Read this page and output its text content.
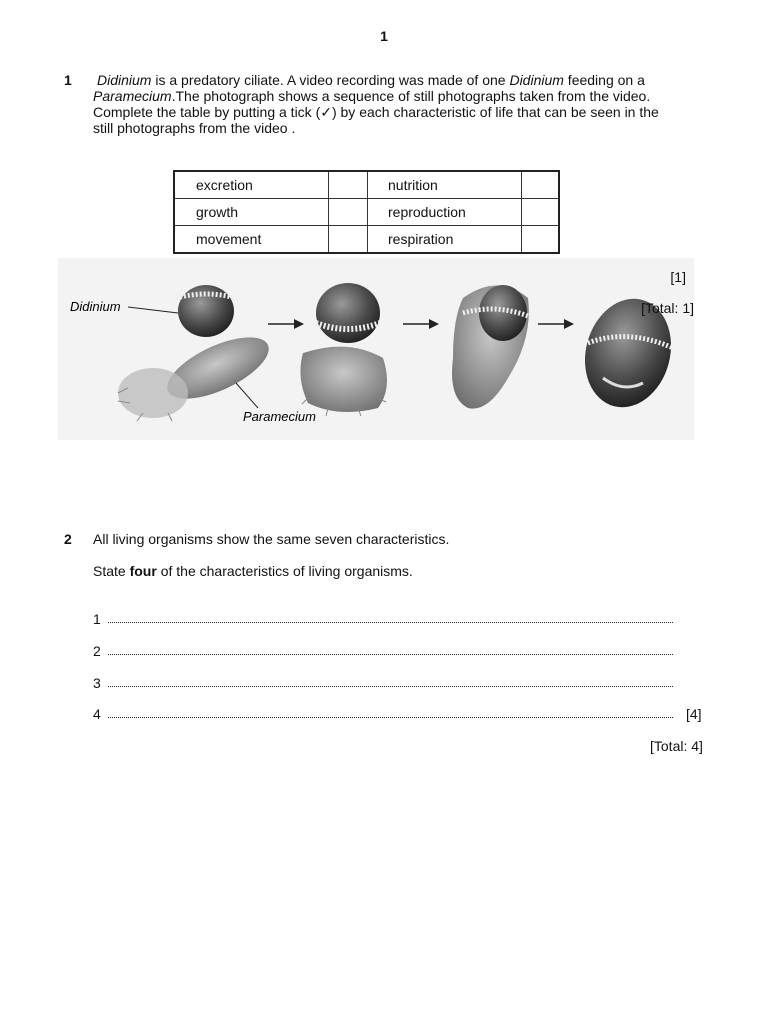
1
1 Didinium is a predatory ciliate. A video recording was made of one Didinium feeding on a
Paramecium.The photograph shows a sequence of still photographs taken from the video.
Complete the table by putting a tick (✓) by each characteristic of life that can be seen in the
still photographs from the video .
excretion		nutrition	
growth		reproduction	
movement		respiration	
Didinium
Paramecium
[1]
[Total: 1]
2 All living organisms show the same seven characteristics.
State four of the characteristics of living organisms.
1
2
3
4	[4]
[Total: 4]
